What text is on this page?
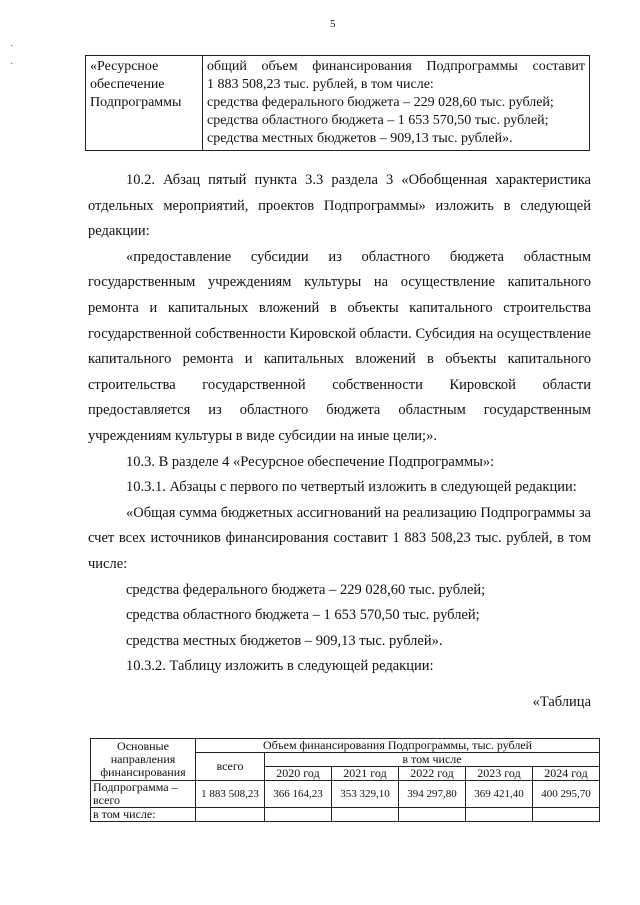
5
·
·	«Ресурсное обеспечение Подпрограммы	
общий объем финансирования Подпрограммы составит
1 883 508,23 тыс. рублей, в том числе:
средства федерального бюджета – 229 028,60 тыс. рублей;
средства областного бюджета – 1 653 570,50 тыс. рублей;
средства местных бюджетов – 909,13 тыс. рублей».

10.2. Абзац пятый пункта 3.3 раздела 3 «Обобщенная характеристика отдельных мероприятий, проектов Подпрограммы» изложить в следующей редакции:

«предоставление субсидии из областного бюджета областным государственным учреждениям культуры на осуществление капитального ремонта и капитальных вложений в объекты капитального строительства государственной собственности Кировской области. Субсидия на осуществление капитального ремонта и капитальных вложений в объекты капитального строительства государственной собственности Кировской области предоставляется из областного бюджета областным государственным учреждениям культуры в виде субсидии на иные цели;».

10.3. В разделе 4 «Ресурсное обеспечение Подпрограммы»:

10.3.1. Абзацы с первого по четвертый изложить в следующей редакции:

«Общая сумма бюджетных ассигнований на реализацию Подпрограммы за счет всех источников финансирования составит 1 883 508,23 тыс. рублей, в том числе:

средства федерального бюджета – 229 028,60 тыс. рублей;

средства областного бюджета – 1 653 570,50 тыс. рублей;

средства местных бюджетов – 909,13 тыс. рублей».

10.3.2. Таблицу изложить в следующей редакции:

«Таблица

Основные направления финансирования	Объем финансирования Подпрограммы, тыс. рублей					
	всего	в том числе				
		2020 год	2021 год	2022 год	2023 год	2024 год
Подпрограмма – всего	1 883 508,23	366 164,23	353 329,10	394 297,80	369 421,40	400 295,70
в том числе:						
